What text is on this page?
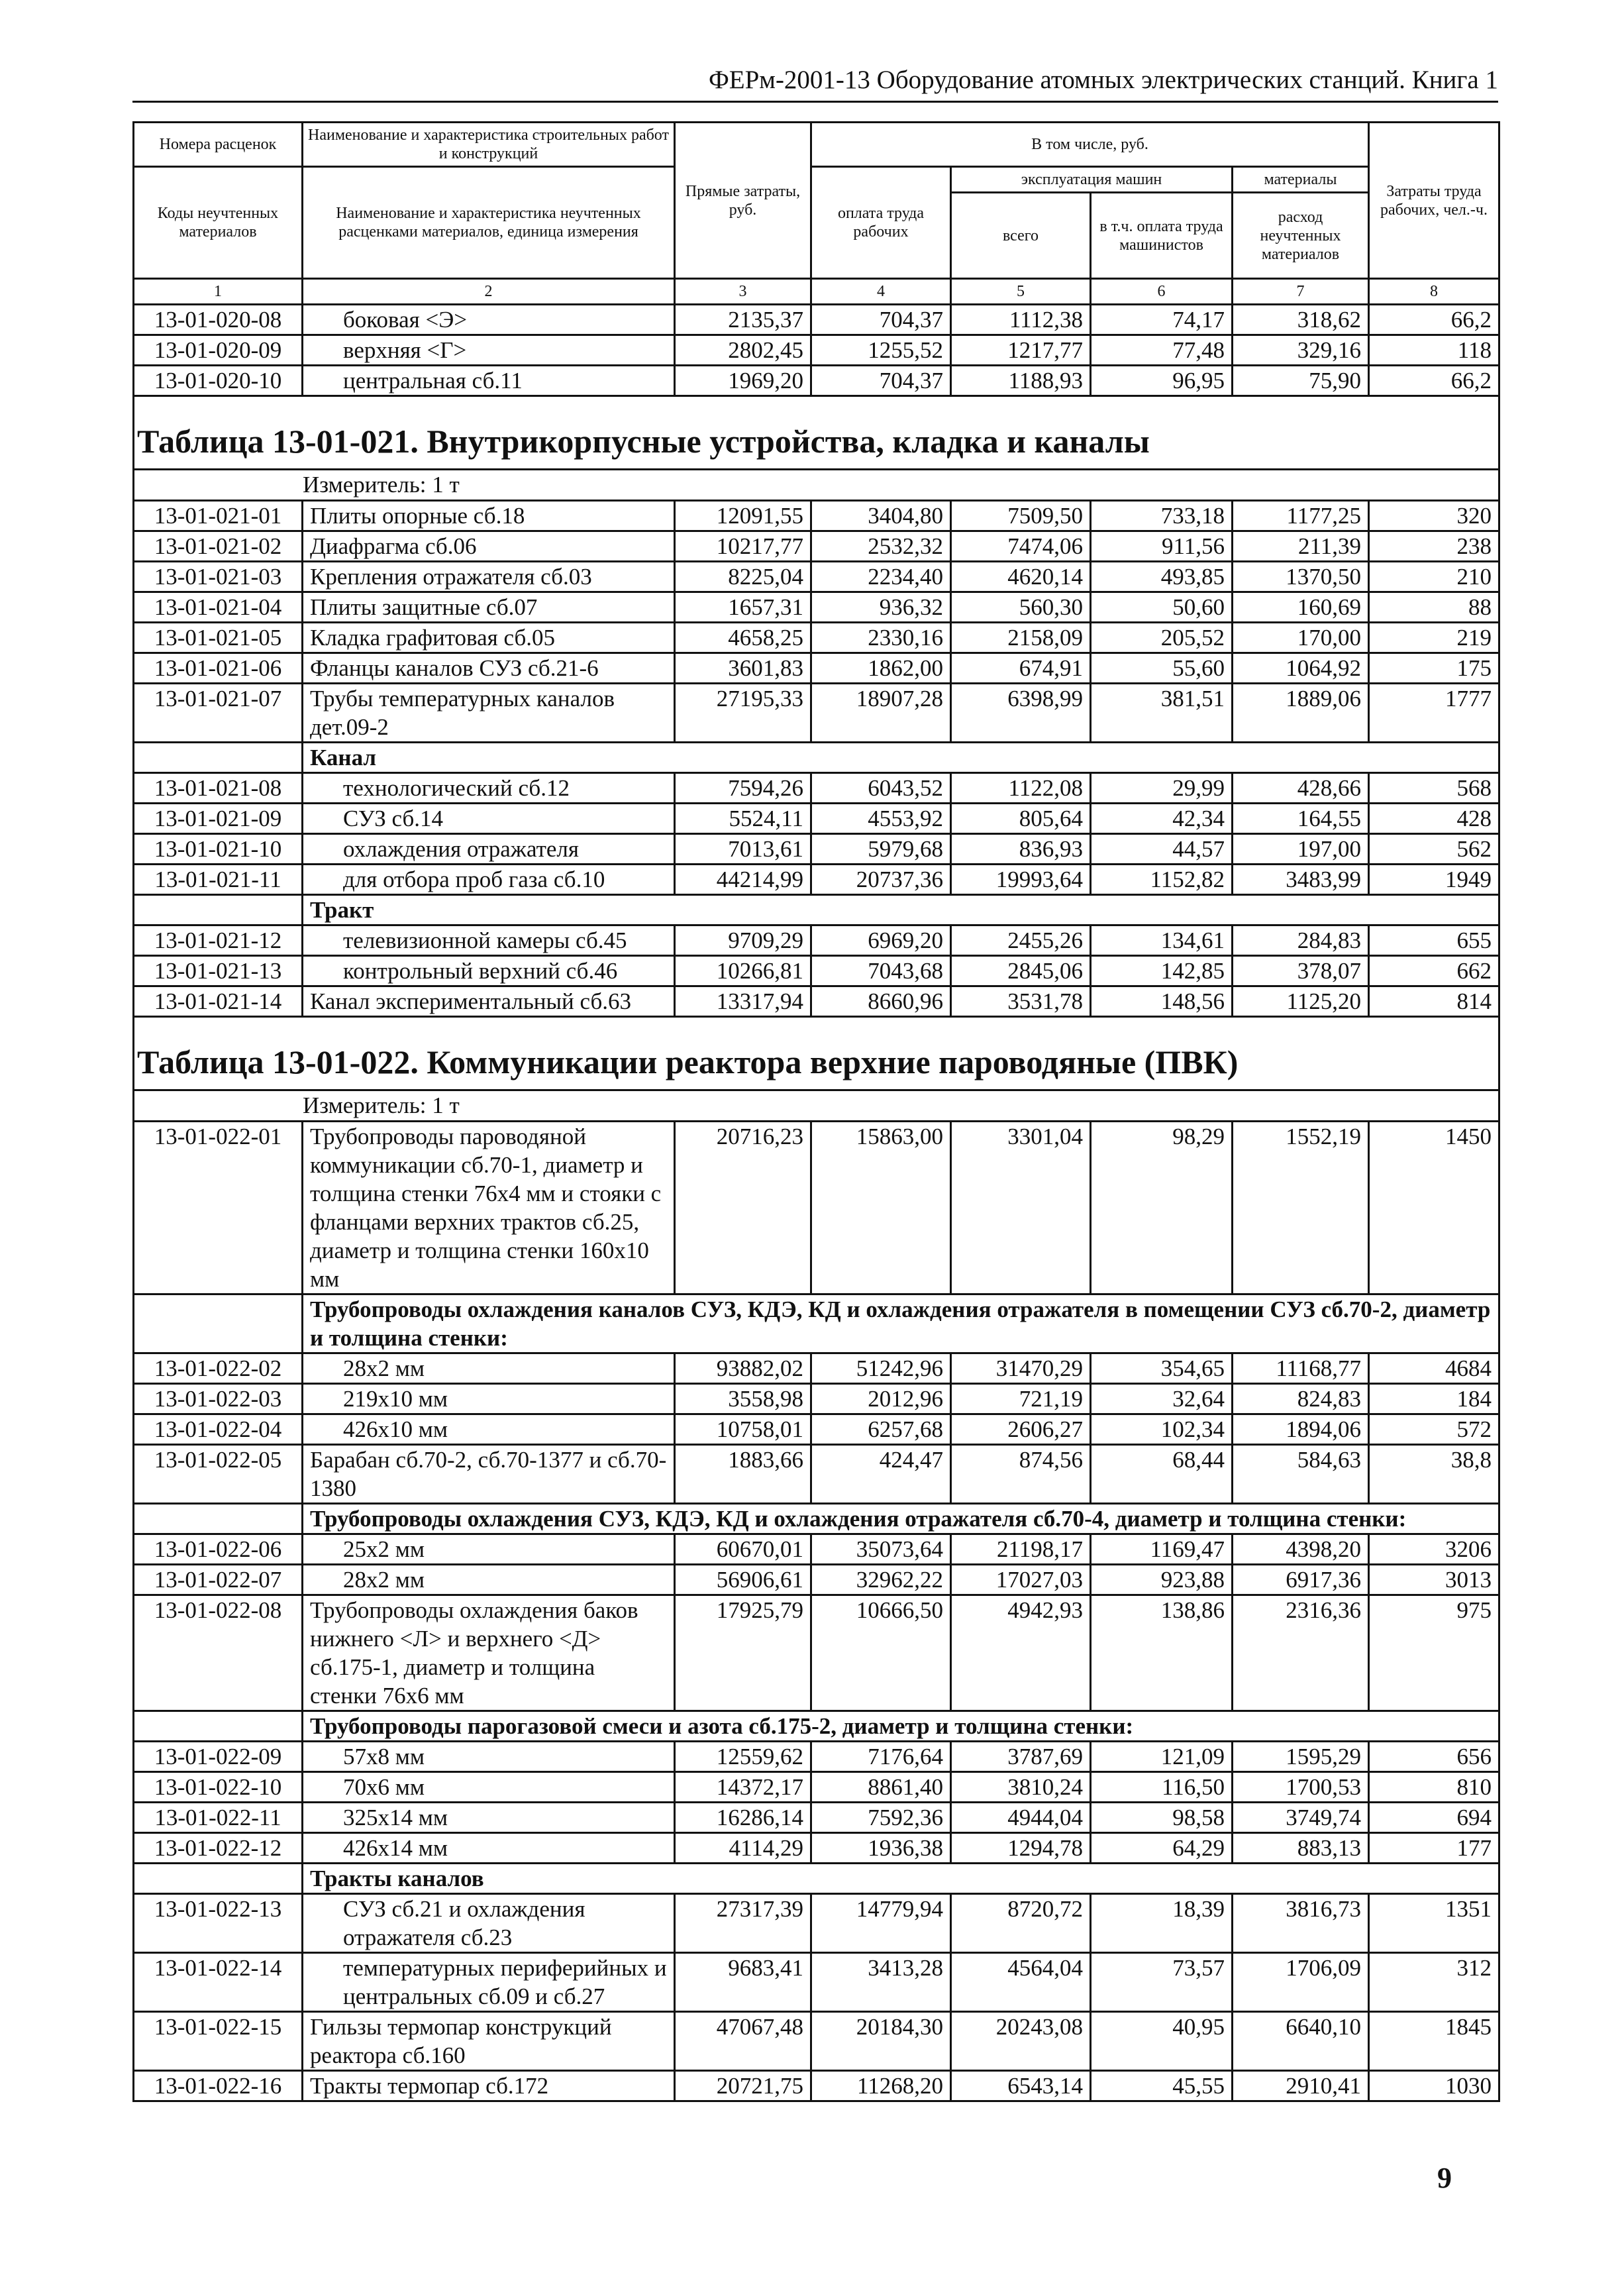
ФЕРм-2001-13 Оборудование атомных электрических станций. Книга 1
Номера расценок	Наименование и характеристика строительных работ и конструкций	Прямые затраты, руб.	В том числе, руб.				Затраты труда рабочих, чел.-ч.
Коды неучтенных материалов	Наименование и характеристика неучтенных расценками материалов, единица измерения		оплата труда рабочих	эксплуатация машин		материалы	
				всего	в т.ч. оплата труда машинистов	расход неучтенных материалов	
1	2	3	4	5	6	7	8
13-01-020-08	боковая <Э>	2135,37	704,37	1112,38	74,17	318,62	66,2
13-01-020-09	верхняя <Г>	2802,45	1255,52	1217,77	77,48	329,16	118
13-01-020-10	центральная сб.11	1969,20	704,37	1188,93	96,95	75,90	66,2
Таблица 13-01-021. Внутрикорпусные устройства, кладка и каналы							
Измеритель: 1 т							
13-01-021-01	Плиты опорные сб.18	12091,55	3404,80	7509,50	733,18	1177,25	320
13-01-021-02	Диафрагма сб.06	10217,77	2532,32	7474,06	911,56	211,39	238
13-01-021-03	Крепления отражателя сб.03	8225,04	2234,40	4620,14	493,85	1370,50	210
13-01-021-04	Плиты защитные сб.07	1657,31	936,32	560,30	50,60	160,69	88
13-01-021-05	Кладка графитовая сб.05	4658,25	2330,16	2158,09	205,52	170,00	219
13-01-021-06	Фланцы каналов СУЗ сб.21-6	3601,83	1862,00	674,91	55,60	1064,92	175
13-01-021-07	Трубы температурных каналов дет.09-2	27195,33	18907,28	6398,99	381,51	1889,06	1777
	Канал						
13-01-021-08	технологический сб.12	7594,26	6043,52	1122,08	29,99	428,66	568
13-01-021-09	СУЗ сб.14	5524,11	4553,92	805,64	42,34	164,55	428
13-01-021-10	охлаждения отражателя	7013,61	5979,68	836,93	44,57	197,00	562
13-01-021-11	для отбора проб газа сб.10	44214,99	20737,36	19993,64	1152,82	3483,99	1949
	Тракт						
13-01-021-12	телевизионной камеры сб.45	9709,29	6969,20	2455,26	134,61	284,83	655
13-01-021-13	контрольный верхний сб.46	10266,81	7043,68	2845,06	142,85	378,07	662
13-01-021-14	Канал экспериментальный сб.63	13317,94	8660,96	3531,78	148,56	1125,20	814
Таблица 13-01-022. Коммуникации реактора верхние пароводяные (ПВК)							
Измеритель: 1 т							
13-01-022-01	Трубопроводы пароводяной коммуникации сб.70-1, диаметр и толщина стенки 76х4 мм и стояки с фланцами верхних трактов сб.25, диаметр и толщина стенки 160х10 мм	20716,23	15863,00	3301,04	98,29	1552,19	1450
	Трубопроводы охлаждения каналов СУЗ, КДЭ, КД и охлаждения отражателя в помещении СУЗ сб.70-2, диаметр и толщина стенки:						
13-01-022-02	28х2 мм	93882,02	51242,96	31470,29	354,65	11168,77	4684
13-01-022-03	219х10 мм	3558,98	2012,96	721,19	32,64	824,83	184
13-01-022-04	426х10 мм	10758,01	6257,68	2606,27	102,34	1894,06	572
13-01-022-05	Барабан сб.70-2, сб.70-1377 и сб.70-1380	1883,66	424,47	874,56	68,44	584,63	38,8
	Трубопроводы охлаждения СУЗ, КДЭ, КД и охлаждения отражателя сб.70-4, диаметр и толщина стенки:						
13-01-022-06	25х2 мм	60670,01	35073,64	21198,17	1169,47	4398,20	3206
13-01-022-07	28х2 мм	56906,61	32962,22	17027,03	923,88	6917,36	3013
13-01-022-08	Трубопроводы охлаждения баков нижнего <Л> и верхнего <Д> сб.175-1, диаметр и толщина стенки 76х6 мм	17925,79	10666,50	4942,93	138,86	2316,36	975
	Трубопроводы парогазовой смеси и азота сб.175-2, диаметр и толщина стенки:						
13-01-022-09	57х8 мм	12559,62	7176,64	3787,69	121,09	1595,29	656
13-01-022-10	70х6 мм	14372,17	8861,40	3810,24	116,50	1700,53	810
13-01-022-11	325х14 мм	16286,14	7592,36	4944,04	98,58	3749,74	694
13-01-022-12	426х14 мм	4114,29	1936,38	1294,78	64,29	883,13	177
	Тракты каналов						
13-01-022-13	СУЗ сб.21 и охлаждения отражателя сб.23	27317,39	14779,94	8720,72	18,39	3816,73	1351
13-01-022-14	температурных периферийных и центральных сб.09 и сб.27	9683,41	3413,28	4564,04	73,57	1706,09	312
13-01-022-15	Гильзы термопар конструкций реактора сб.160	47067,48	20184,30	20243,08	40,95	6640,10	1845
13-01-022-16	Тракты термопар сб.172	20721,75	11268,20	6543,14	45,55	2910,41	1030
9
